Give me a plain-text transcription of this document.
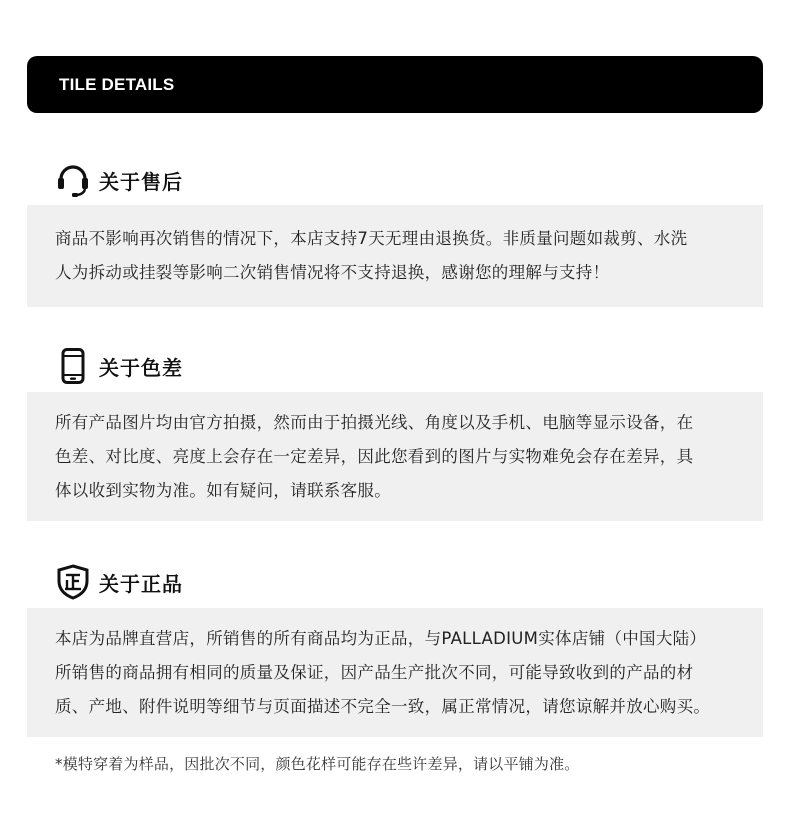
TILE DETAILS
关于售后

商品不影响再次销售的情况下，本店支持7天无理由退换货。非质量问题如裁剪、水洗

人为拆动或挂裂等影响二次销售情况将不支持退换，感谢您的理解与支持！

关于色差

所有产品图片均由官方拍摄，然而由于拍摄光线、角度以及手机、电脑等显示设备，在

色差、对比度、亮度上会存在一定差异，因此您看到的图片与实物难免会存在差异，具

体以收到实物为准。如有疑问，请联系客服。

关于正品

本店为品牌直营店，所销售的所有商品均为正品，与PALLADIUM实体店铺（中国大陆）

所销售的商品拥有相同的质量及保证，因产品生产批次不同，可能导致收到的产品的材

质、产地、附件说明等细节与页面描述不完全一致，属正常情况，请您谅解并放心购买。

*模特穿着为样品，因批次不同，颜色花样可能存在些许差异，请以平铺为准。
